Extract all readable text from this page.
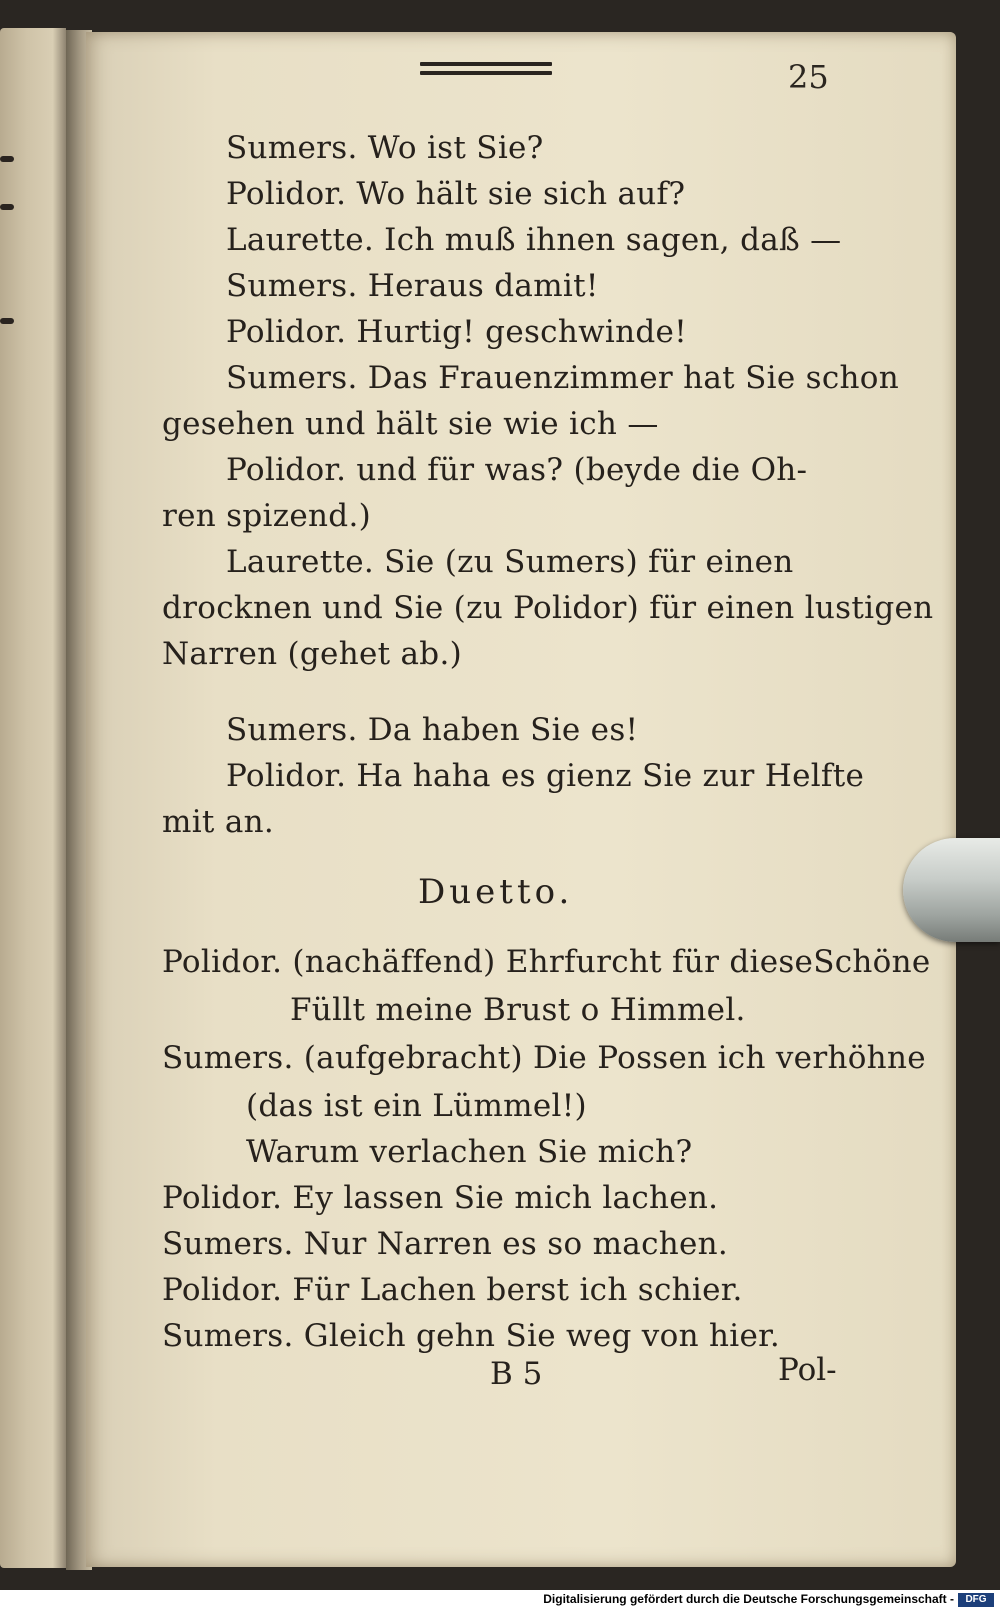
25
Sumers. Wo ist Sie?
Polidor. Wo hält sie sich auf?
Laurette. Ich muß ihnen sagen, daß —
Sumers. Heraus damit!
Polidor. Hurtig! geschwinde!
Sumers. Das Frauenzimmer hat Sie schon
gesehen und hält sie wie ich —
Polidor. und für was? (beyde die Oh-
ren spizend.)
Laurette. Sie (zu Sumers) für einen
drocknen und Sie (zu Polidor) für einen lustigen
Narren (gehet ab.)
Sumers. Da haben Sie es!
Polidor. Ha haha es gienz Sie zur Helfte
mit an.
Duetto.
Polidor. (nachäffend) Ehrfurcht für dieseSchöne
Füllt meine Brust o Himmel.
Sumers. (aufgebracht) Die Possen ich verhöhne
(das ist ein Lümmel!)
Warum verlachen Sie mich?
Polidor. Ey lassen Sie mich lachen.
Sumers. Nur Narren es so machen.
Polidor. Für Lachen berst ich schier.
Sumers. Gleich gehn Sie weg von hier.
B 5	Pol-
Digitalisierung gefördert durch die Deutsche Forschungsgemeinschaft -	DFG
